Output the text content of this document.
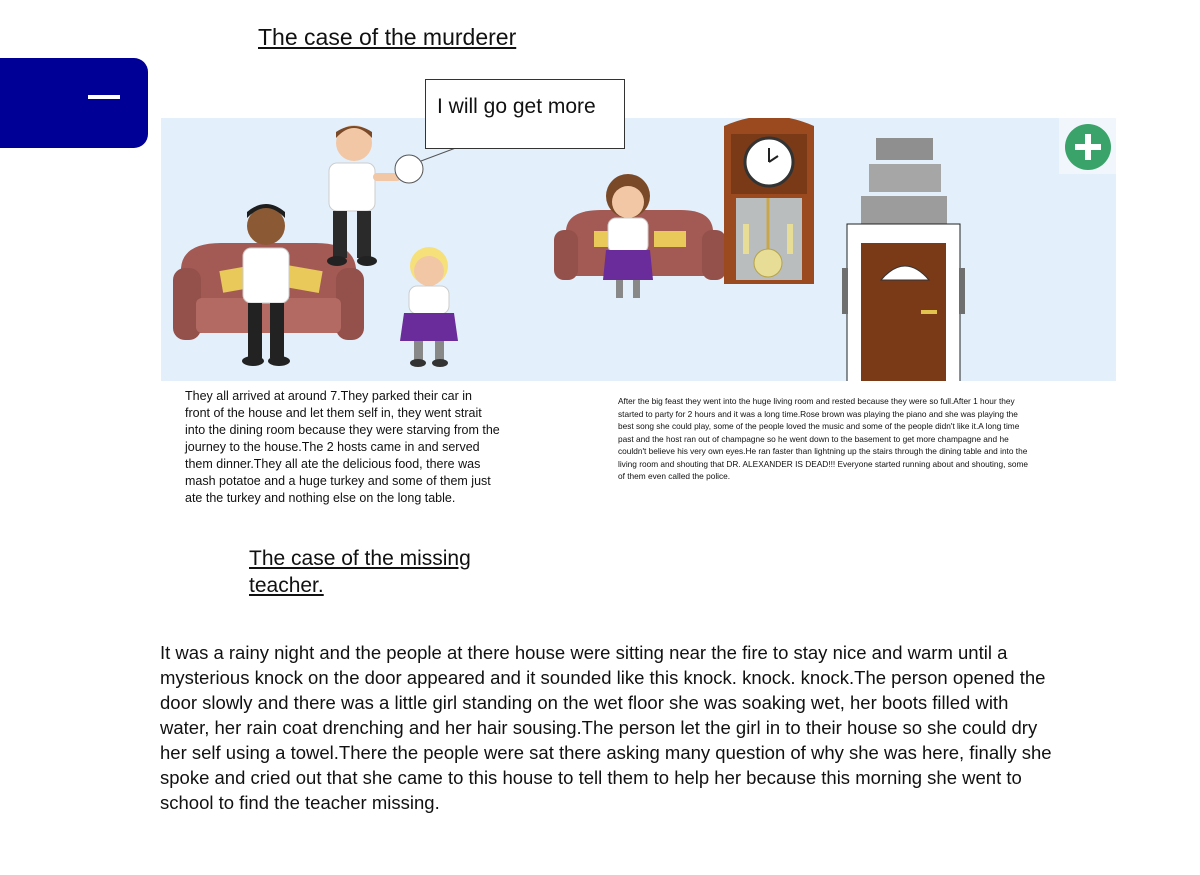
The case of the murderer
I will go get more
They all arrived at around 7.They parked their car in front of the house and let them self in, they went strait into the dining room because they were starving from the journey to the house.The 2 hosts came in and served them dinner.They all ate the delicious food, there was mash potatoe and a huge turkey and some of them just ate the turkey and nothing else on the long table.
After the big feast they went into the huge living room and rested because they were so full.After 1 hour they started to party for 2 hours and it was a long time.Rose brown was playing the piano and she was playing the best song she could play, some of the people loved the music and some of the people didn't like it.A long time past and the host ran out of champagne so he went down to the basement to get more champagne and he couldn't believe his very own eyes.He ran faster than lightning up the stairs through the dining table and into the living room and shouting that DR. ALEXANDER IS DEAD!!! Everyone started running about and shouting, some of them even called the police.
The case of the missing teacher.
It was a rainy night and the people at there house were sitting near the fire to stay nice and warm until a mysterious knock on the door appeared and it sounded like this knock. knock. knock.The person opened the door slowly and there was a little girl standing on the wet floor she was soaking wet, her boots filled with water, her rain coat drenching and her hair sousing.The person let the girl in to their house so she could dry her self using a towel.There the people were sat there asking many question of why she was here, finally she spoke and cried out that she came to this house to tell them to help her because this morning she went to school to find the teacher missing.
